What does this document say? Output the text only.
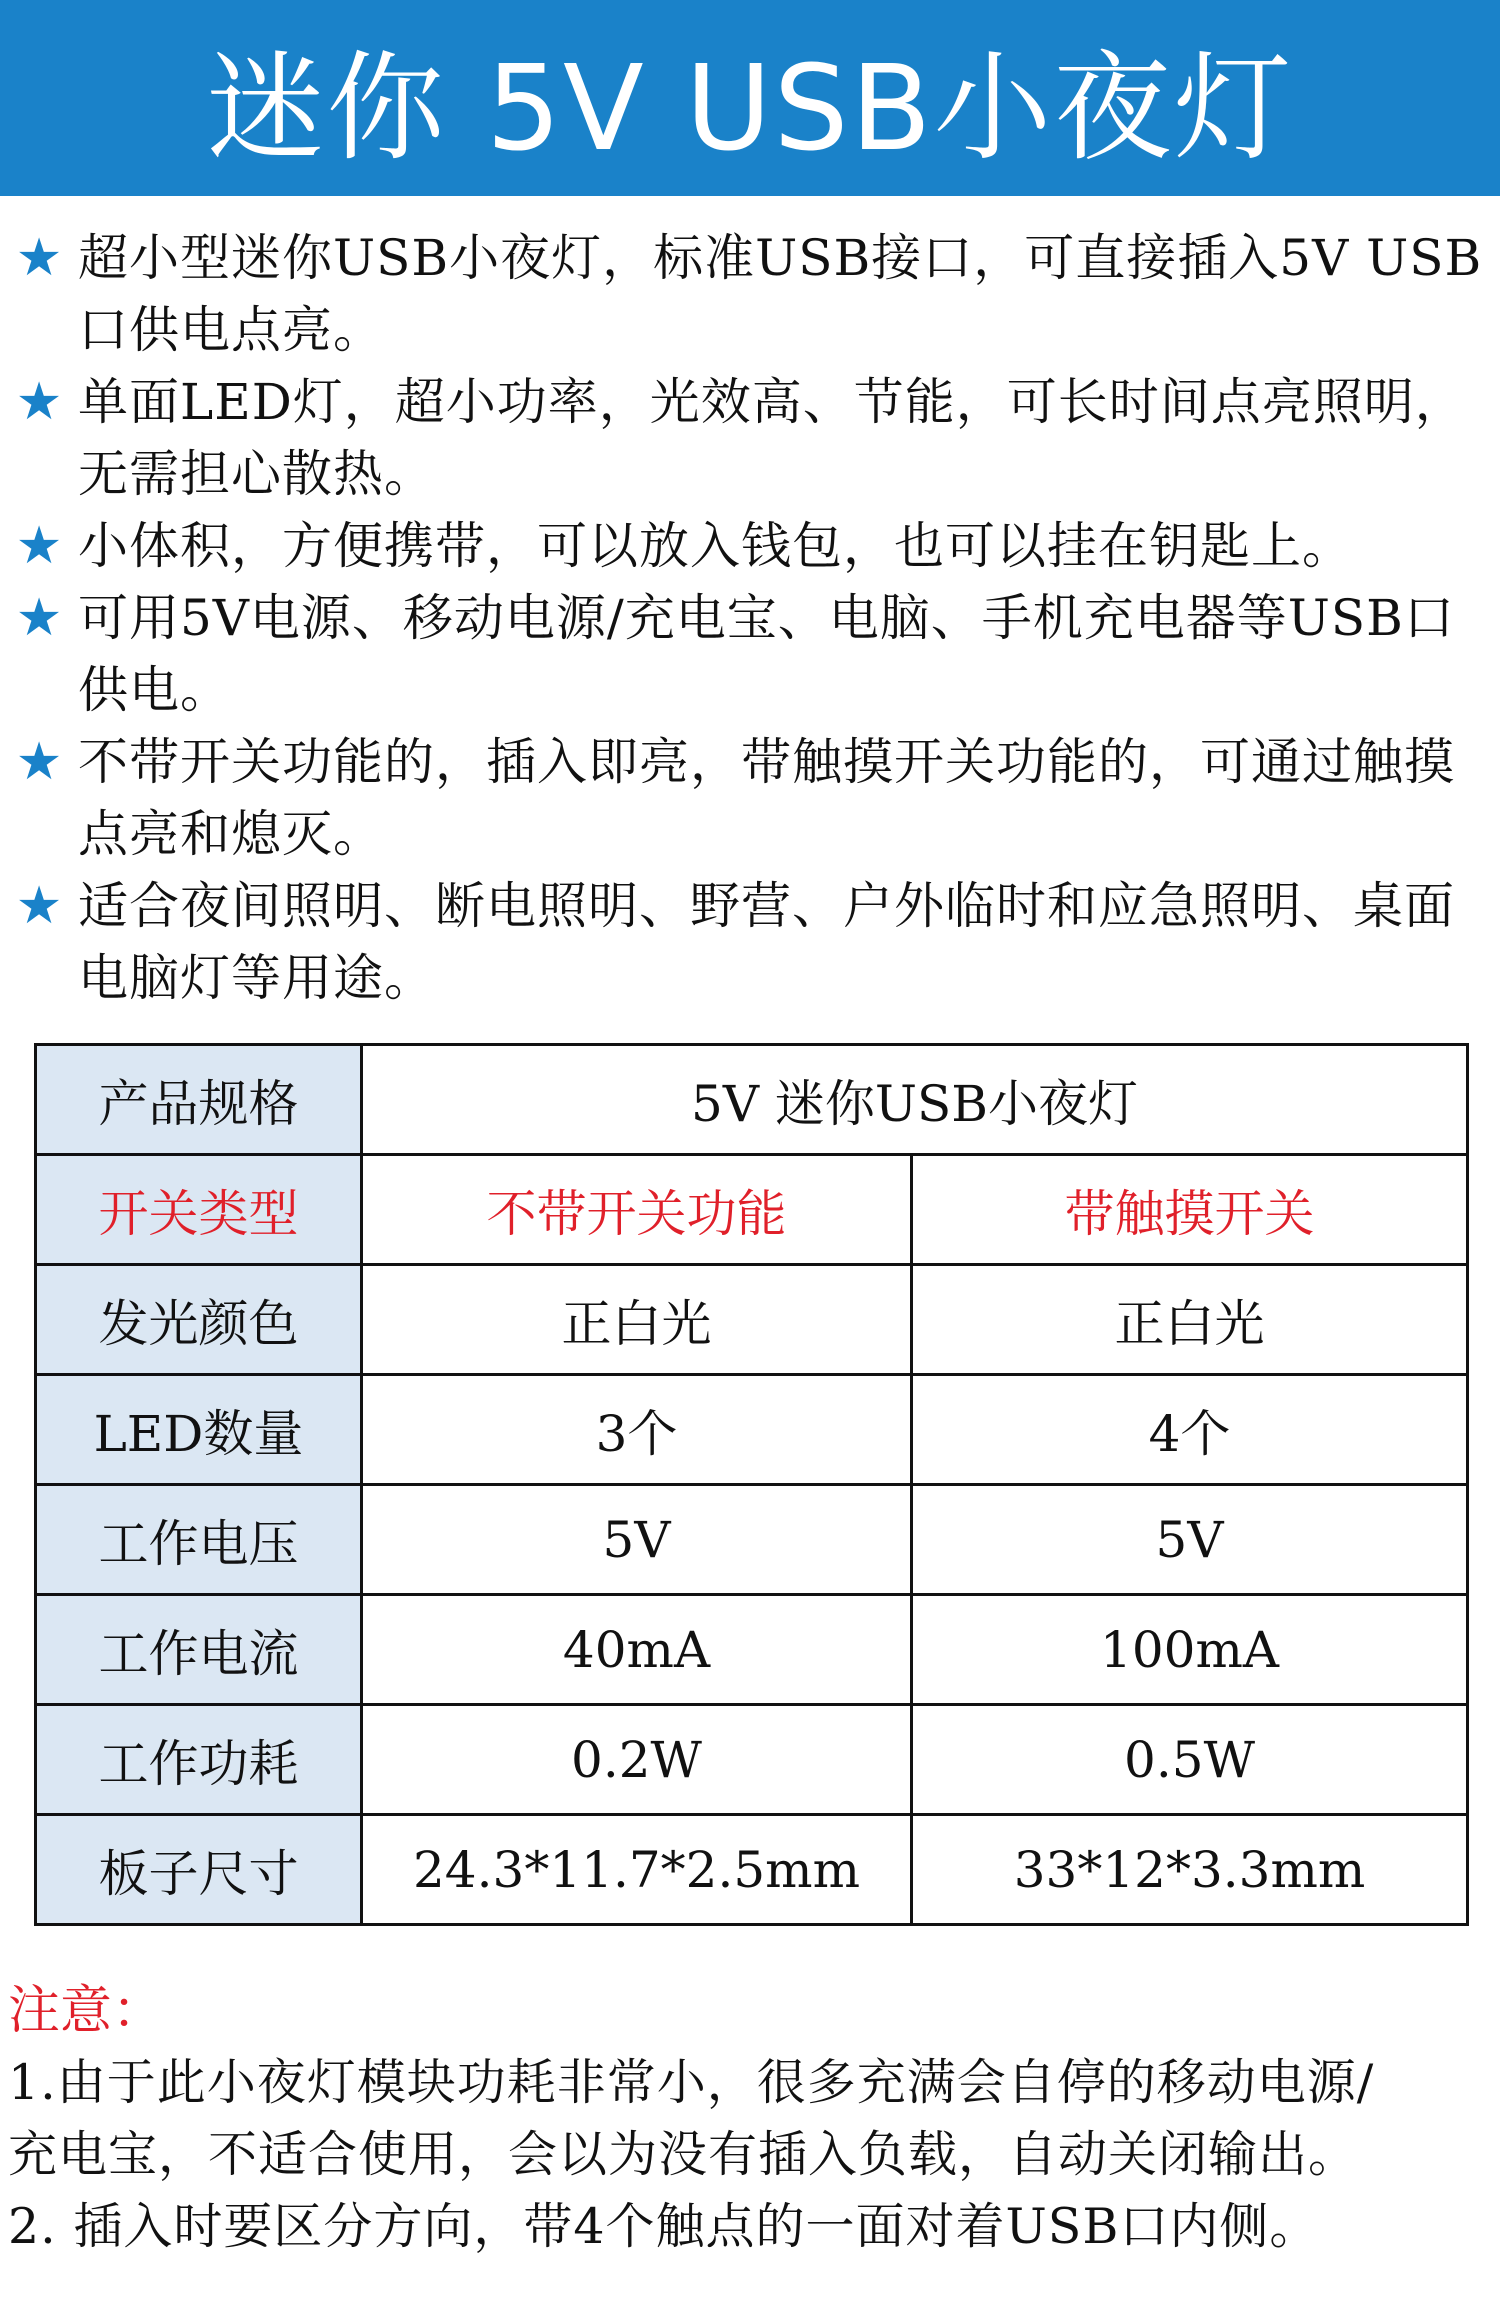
迷你 5V USB小夜灯
★ 超小型迷你USB小夜灯，标准USB接口，可直接插入5V USB口供电点亮。
★ 单面LED灯，超小功率，光效高、节能，可长时间点亮照明，无需担心散热。
★ 小体积，方便携带，可以放入钱包，也可以挂在钥匙上。
★ 可用5V电源、移动电源/充电宝、电脑、手机充电器等USB口供电。
★ 不带开关功能的，插入即亮，带触摸开关功能的，可通过触摸点亮和熄灭。
★ 适合夜间照明、断电照明、野营、户外临时和应急照明、桌面电脑灯等用途。
产品规格	5V 迷你USB小夜灯	
开关类型	不带开关功能	带触摸开关
发光颜色	正白光	正白光
LED数量	3个	4个
工作电压	5V	5V
工作电流	40mA	100mA
工作功耗	0.2W	0.5W
板子尺寸	24.3*11.7*2.5mm	33*12*3.3mm
注意：
1.由于此小夜灯模块功耗非常小，很多充满会自停的移动电源/
充电宝，不适合使用，会以为没有插入负载，自动关闭输出。
2. 插入时要区分方向，带4个触点的一面对着USB口内侧。
